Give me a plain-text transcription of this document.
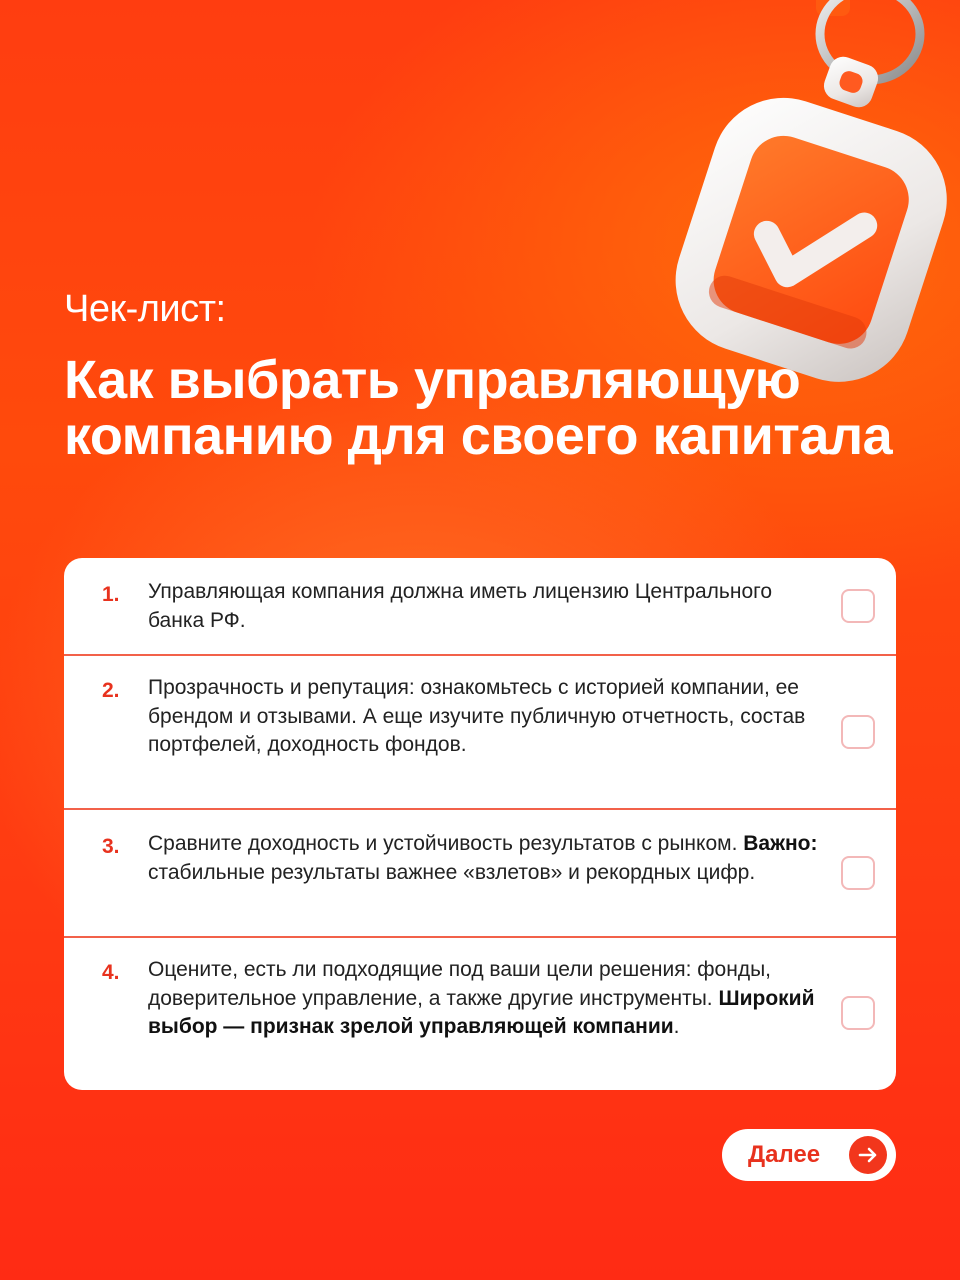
Чек-лист:
Как выбрать управляющую компанию для своего капитала
1. Управляющая компания должна иметь лицензию Центрального банка РФ.
2. Прозрачность и репутация: ознакомьтесь с историей компании, ее брендом и отзывами. А еще изучите публичную отчетность, состав портфелей, доходность фондов.
3. Сравните доходность и устойчивость результатов с рынком. Важно: стабильные результаты важнее «взлетов» и рекордных цифр.
4. Оцените, есть ли подходящие под ваши цели решения: фонды, доверительное управление, а также другие инструменты. Широкий выбор — признак зрелой управляющей компании.
Далее
